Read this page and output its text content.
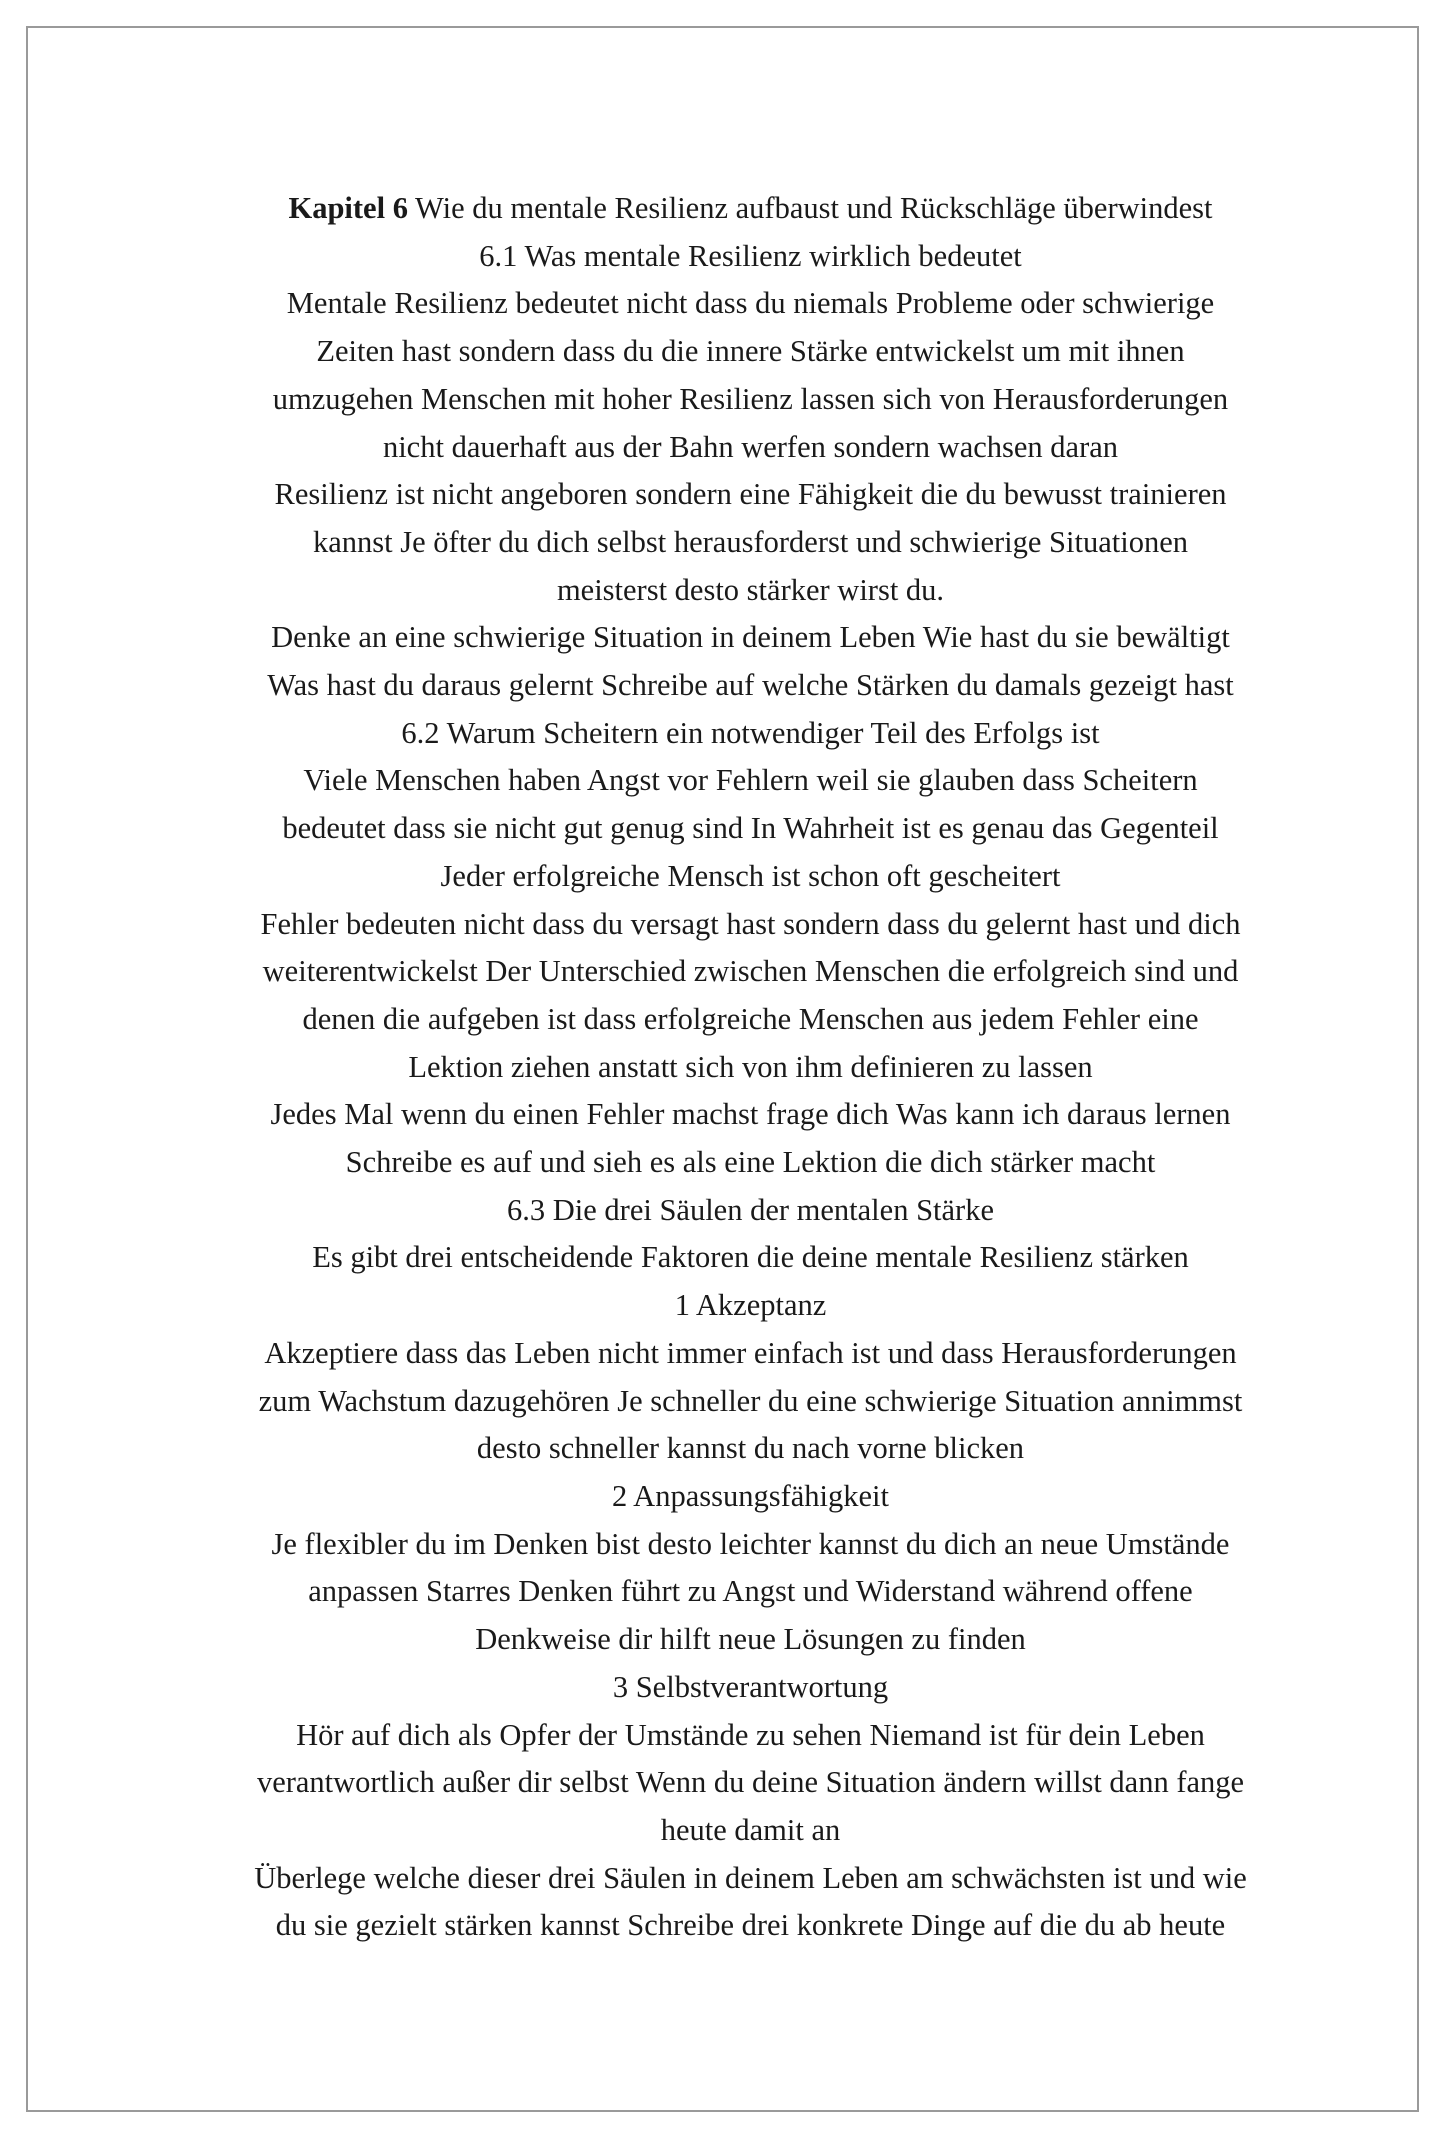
Kapitel 6 Wie du mentale Resilienz aufbaust und Rückschläge überwindest
6.1 Was mentale Resilienz wirklich bedeutet
Mentale Resilienz bedeutet nicht dass du niemals Probleme oder schwierige
Zeiten hast sondern dass du die innere Stärke entwickelst um mit ihnen
umzugehen Menschen mit hoher Resilienz lassen sich von Herausforderungen
nicht dauerhaft aus der Bahn werfen sondern wachsen daran
Resilienz ist nicht angeboren sondern eine Fähigkeit die du bewusst trainieren
kannst Je öfter du dich selbst herausforderst und schwierige Situationen
meisterst desto stärker wirst du.
Denke an eine schwierige Situation in deinem Leben Wie hast du sie bewältigt
Was hast du daraus gelernt Schreibe auf welche Stärken du damals gezeigt hast
6.2 Warum Scheitern ein notwendiger Teil des Erfolgs ist
Viele Menschen haben Angst vor Fehlern weil sie glauben dass Scheitern
bedeutet dass sie nicht gut genug sind In Wahrheit ist es genau das Gegenteil
Jeder erfolgreiche Mensch ist schon oft gescheitert
Fehler bedeuten nicht dass du versagt hast sondern dass du gelernt hast und dich
weiterentwickelst Der Unterschied zwischen Menschen die erfolgreich sind und
denen die aufgeben ist dass erfolgreiche Menschen aus jedem Fehler eine
Lektion ziehen anstatt sich von ihm definieren zu lassen
Jedes Mal wenn du einen Fehler machst frage dich Was kann ich daraus lernen
Schreibe es auf und sieh es als eine Lektion die dich stärker macht
6.3 Die drei Säulen der mentalen Stärke
Es gibt drei entscheidende Faktoren die deine mentale Resilienz stärken
1 Akzeptanz
Akzeptiere dass das Leben nicht immer einfach ist und dass Herausforderungen
zum Wachstum dazugehören Je schneller du eine schwierige Situation annimmst
desto schneller kannst du nach vorne blicken
2 Anpassungsfähigkeit
Je flexibler du im Denken bist desto leichter kannst du dich an neue Umstände
anpassen Starres Denken führt zu Angst und Widerstand während offene
Denkweise dir hilft neue Lösungen zu finden
3 Selbstverantwortung
Hör auf dich als Opfer der Umstände zu sehen Niemand ist für dein Leben
verantwortlich außer dir selbst Wenn du deine Situation ändern willst dann fange
heute damit an
Überlege welche dieser drei Säulen in deinem Leben am schwächsten ist und wie
du sie gezielt stärken kannst Schreibe drei konkrete Dinge auf die du ab heute
